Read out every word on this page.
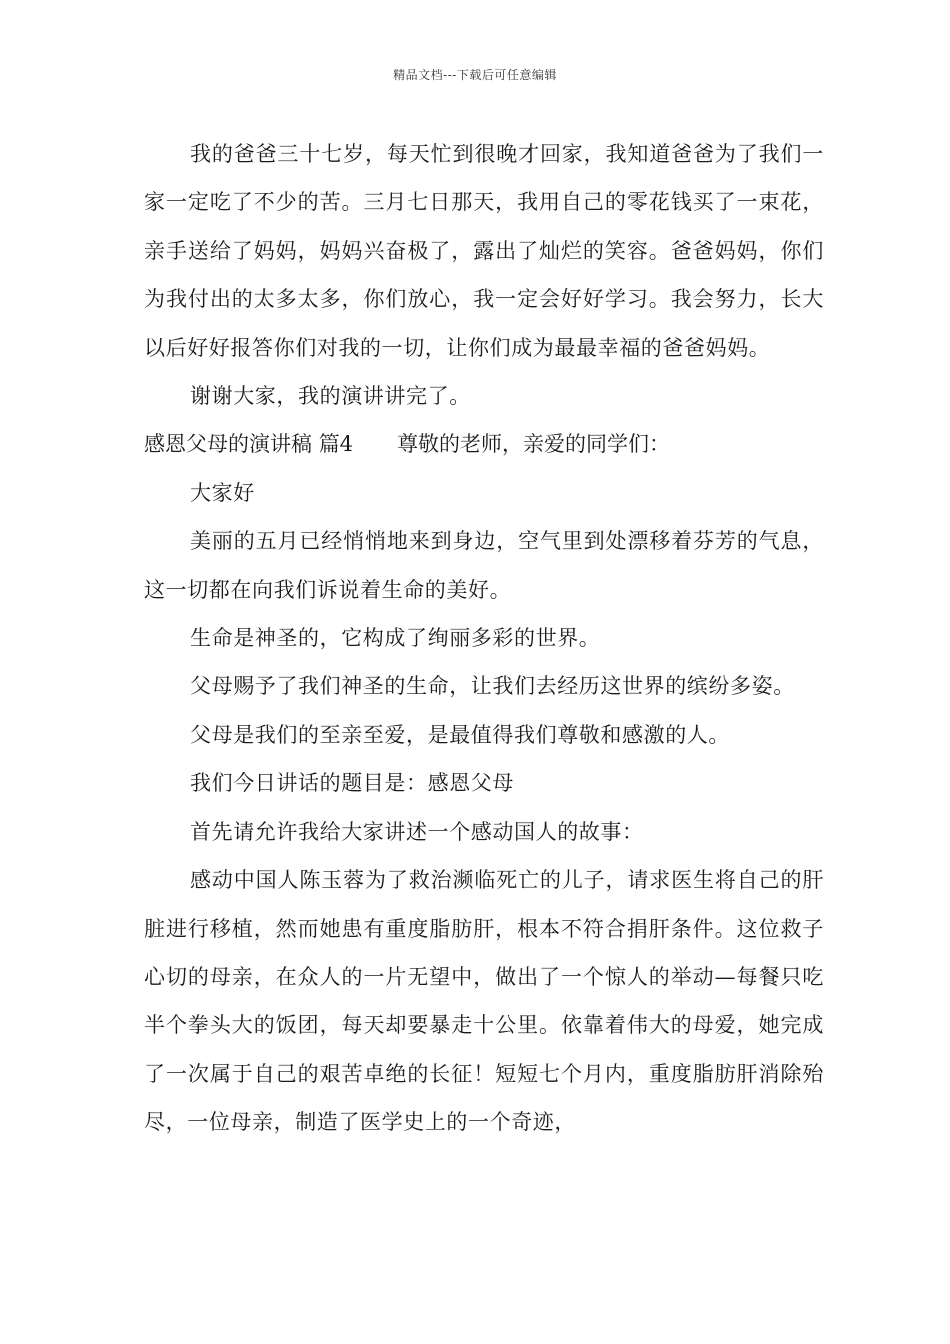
精品文档---下载后可任意编辑

我的爸爸三十七岁，每天忙到很晚才回家，我知道爸爸为了我们一家一定吃了不少的苦。三月七日那天，我用自己的零花钱买了一束花，亲手送给了妈妈，妈妈兴奋极了，露出了灿烂的笑容。爸爸妈妈，你们为我付出的太多太多，你们放心，我一定会好好学习。我会努力，长大以后好好报答你们对我的一切，让你们成为最最幸福的爸爸妈妈。

谢谢大家，我的演讲讲完了。

感恩父母的演讲稿 篇4 尊敬的老师，亲爱的同学们：

大家好

美丽的五月已经悄悄地来到身边，空气里到处漂移着芬芳的气息，这一切都在向我们诉说着生命的美好。

生命是神圣的，它构成了绚丽多彩的世界。

父母赐予了我们神圣的生命，让我们去经历这世界的缤纷多姿。

父母是我们的至亲至爱，是最值得我们尊敬和感激的人。

我们今日讲话的题目是：感恩父母

首先请允许我给大家讲述一个感动国人的故事：

感动中国人陈玉蓉为了救治濒临死亡的儿子，请求医生将自己的肝脏进行移植，然而她患有重度脂肪肝，根本不符合捐肝条件。这位救子心切的母亲，在众人的一片无望中，做出了一个惊人的举动—每餐只吃半个拳头大的饭团，每天却要暴走十公里。依靠着伟大的母爱，她完成了一次属于自己的艰苦卓绝的长征！短短七个月内，重度脂肪肝消除殆尽，一位母亲，制造了医学史上的一个奇迹，
